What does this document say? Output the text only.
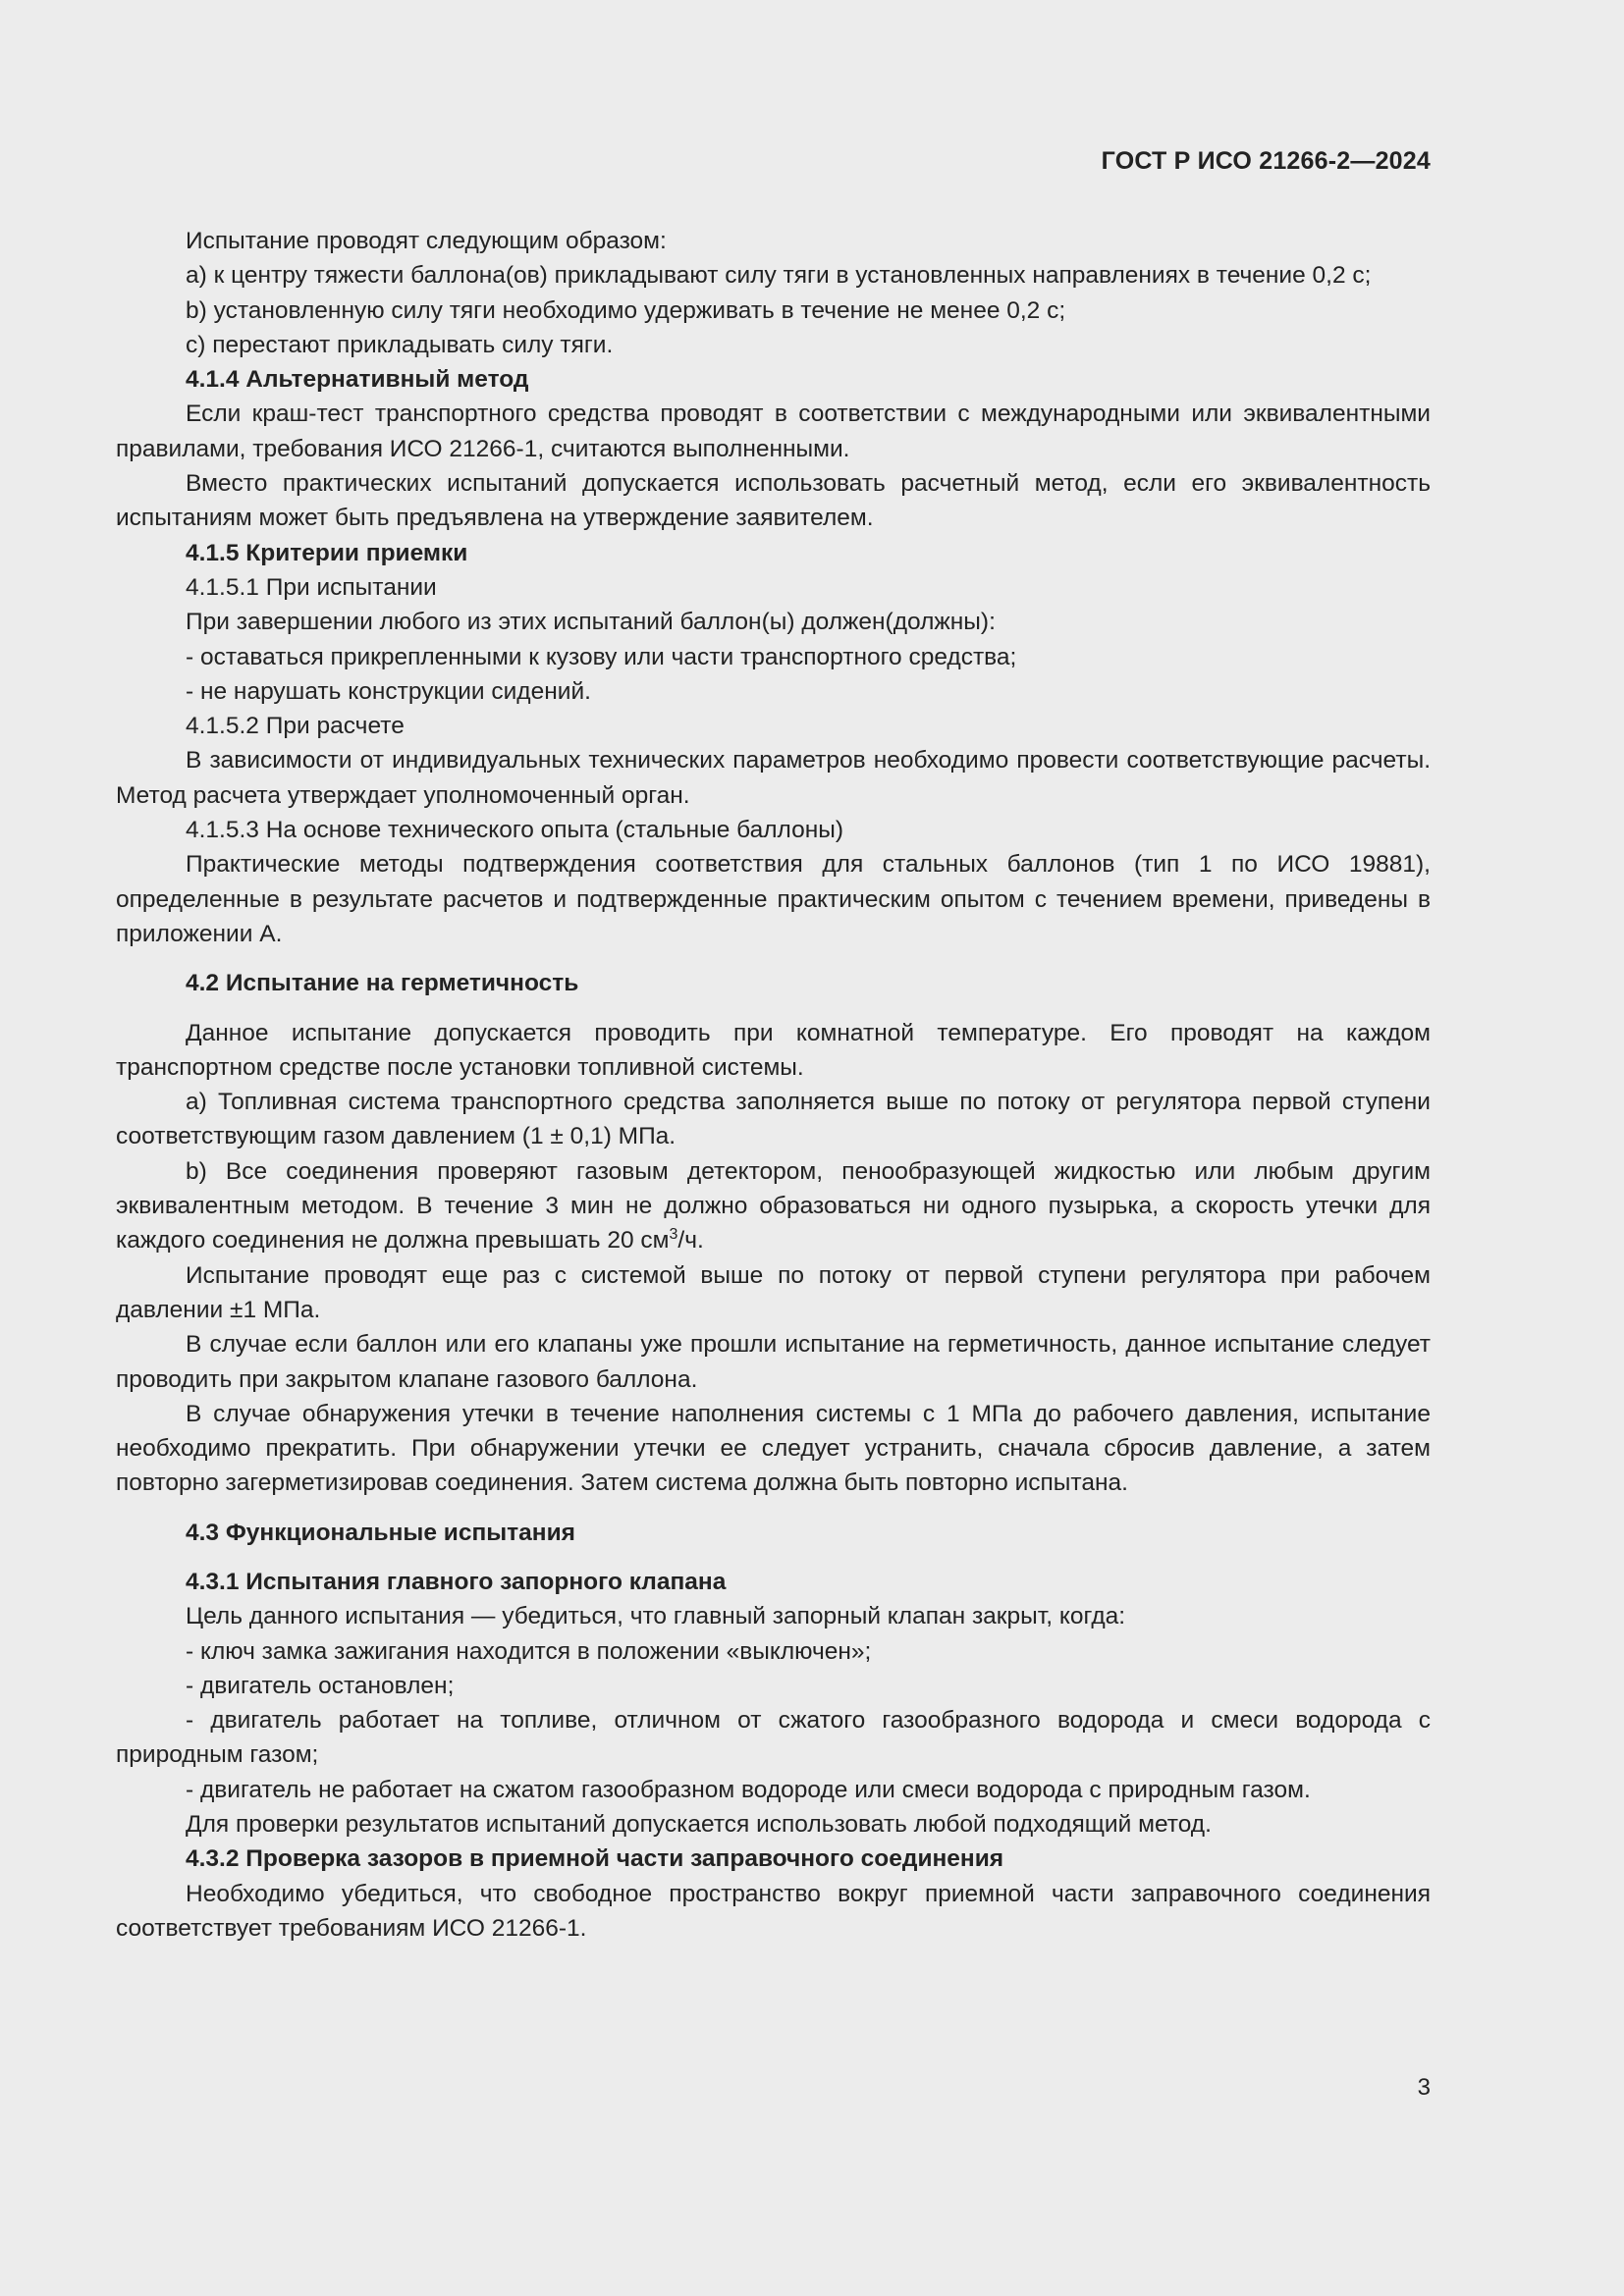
ГОСТ Р ИСО 21266-2—2024

Испытание проводят следующим образом:

a) к центру тяжести баллона(ов) прикладывают силу тяги в установленных направлениях в течение 0,2 с;

b) установленную силу тяги необходимо удерживать в течение не менее 0,2 с;

c) перестают прикладывать силу тяги.

4.1.4 Альтернативный метод

Если краш-тест транспортного средства проводят в соответствии с международными или эквивалентными правилами, требования ИСО 21266-1, считаются выполненными.

Вместо практических испытаний допускается использовать расчетный метод, если его эквивалентность испытаниям может быть предъявлена на утверждение заявителем.

4.1.5 Критерии приемки

4.1.5.1 При испытании

При завершении любого из этих испытаний баллон(ы) должен(должны):

- оставаться прикрепленными к кузову или части транспортного средства;

- не нарушать конструкции сидений.

4.1.5.2 При расчете

В зависимости от индивидуальных технических параметров необходимо провести соответствующие расчеты. Метод расчета утверждает уполномоченный орган.

4.1.5.3 На основе технического опыта (стальные баллоны)

Практические методы подтверждения соответствия для стальных баллонов (тип 1 по ИСО 19881), определенные в результате расчетов и подтвержденные практическим опытом с течением времени, приведены в приложении А.

4.2 Испытание на герметичность

Данное испытание допускается проводить при комнатной температуре. Его проводят на каждом транспортном средстве после установки топливной системы.

a) Топливная система транспортного средства заполняется выше по потоку от регулятора первой ступени соответствующим газом давлением (1 ± 0,1) МПа.

b) Все соединения проверяют газовым детектором, пенообразующей жидкостью или любым другим эквивалентным методом. В течение 3 мин не должно образоваться ни одного пузырька, а скорость утечки для каждого соединения не должна превышать 20 $см^3/ч$.

Испытание проводят еще раз с системой выше по потоку от первой ступени регулятора при рабочем давлении ±1 МПа.

В случае если баллон или его клапаны уже прошли испытание на герметичность, данное испытание следует проводить при закрытом клапане газового баллона.

В случае обнаружения утечки в течение наполнения системы с 1 МПа до рабочего давления, испытание необходимо прекратить. При обнаружении утечки ее следует устранить, сначала сбросив давление, а затем повторно загерметизировав соединения. Затем система должна быть повторно испытана.

4.3 Функциональные испытания

4.3.1 Испытания главного запорного клапана

Цель данного испытания — убедиться, что главный запорный клапан закрыт, когда:

- ключ замка зажигания находится в положении «выключен»;

- двигатель остановлен;

- двигатель работает на топливе, отличном от сжатого газообразного водорода и смеси водорода с природным газом;

- двигатель не работает на сжатом газообразном водороде или смеси водорода с природным газом.

Для проверки результатов испытаний допускается использовать любой подходящий метод.

4.3.2 Проверка зазоров в приемной части заправочного соединения

Необходимо убедиться, что свободное пространство вокруг приемной части заправочного соединения соответствует требованиям ИСО 21266-1.

3
